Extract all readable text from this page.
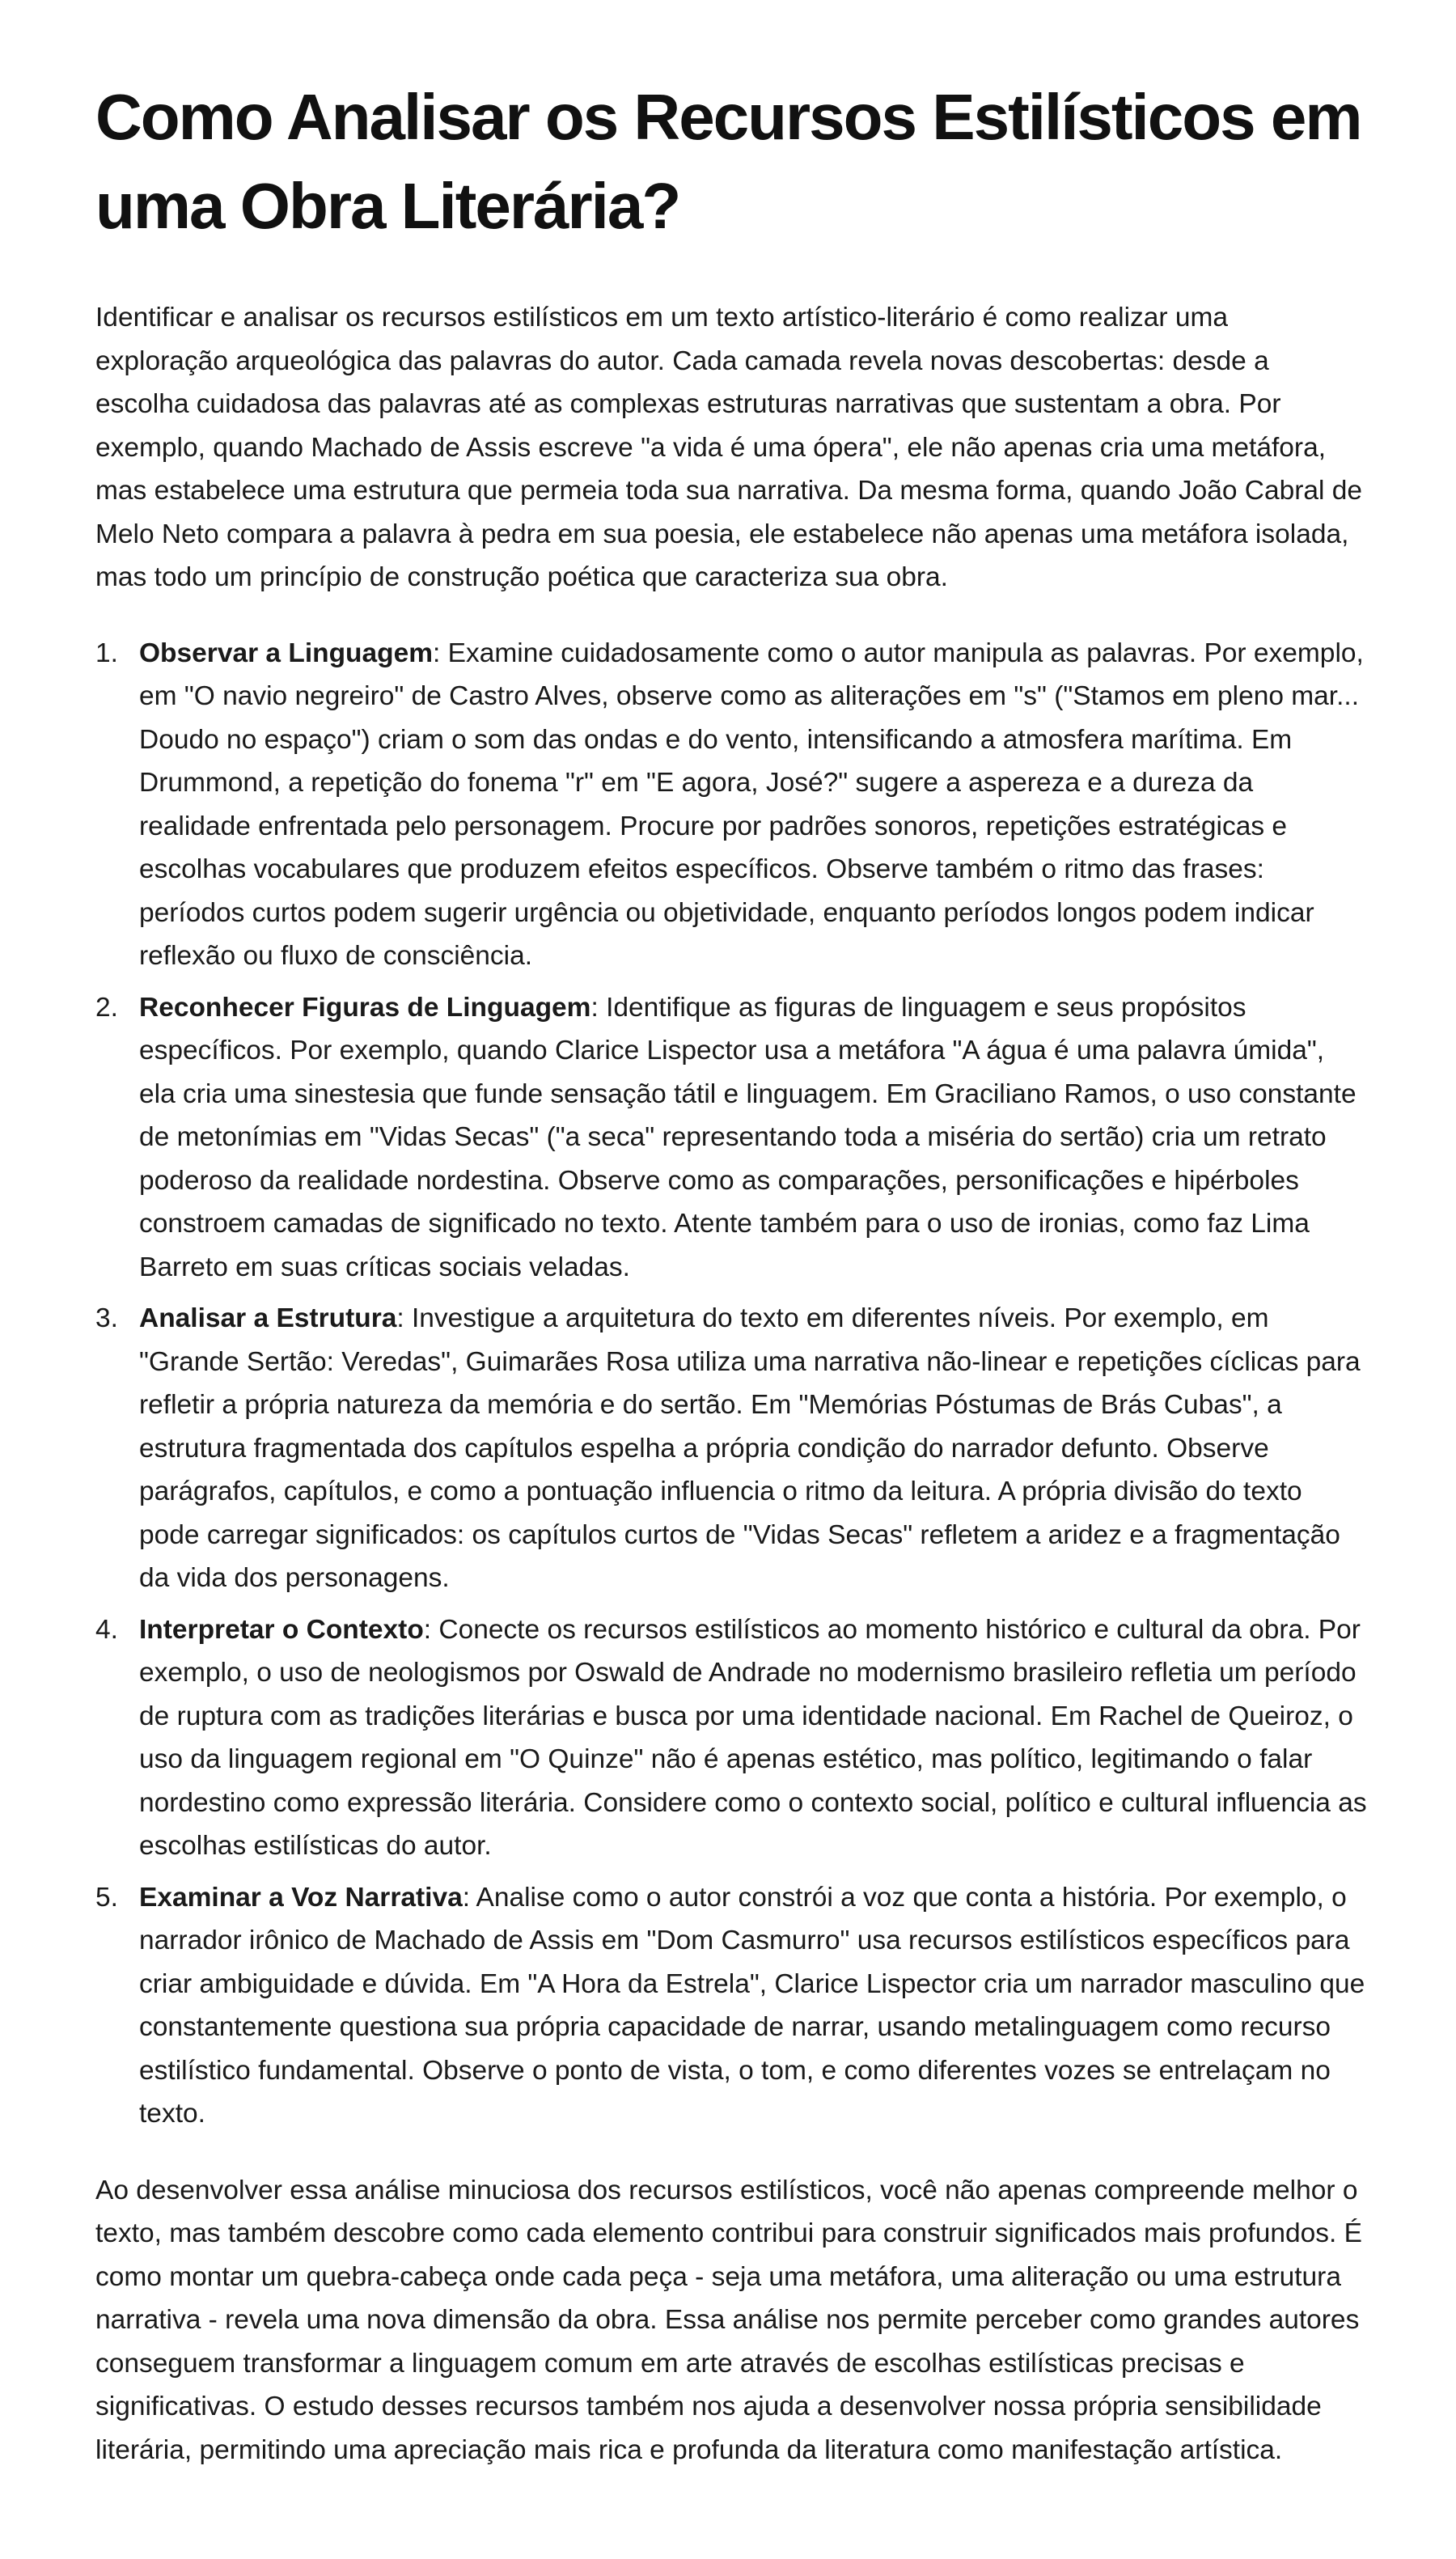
Como Analisar os Recursos Estilísticos em uma Obra Literária?

Identificar e analisar os recursos estilísticos em um texto artístico-literário é como realizar uma exploração arqueológica das palavras do autor. Cada camada revela novas descobertas: desde a escolha cuidadosa das palavras até as complexas estruturas narrativas que sustentam a obra. Por exemplo, quando Machado de Assis escreve "a vida é uma ópera", ele não apenas cria uma metáfora, mas estabelece uma estrutura que permeia toda sua narrativa. Da mesma forma, quando João Cabral de Melo Neto compara a palavra à pedra em sua poesia, ele estabelece não apenas uma metáfora isolada, mas todo um princípio de construção poética que caracteriza sua obra.

1. Observar a Linguagem: Examine cuidadosamente como o autor manipula as palavras. Por exemplo, em "O navio negreiro" de Castro Alves, observe como as aliterações em "s" ("Stamos em pleno mar... Doudo no espaço") criam o som das ondas e do vento, intensificando a atmosfera marítima. Em Drummond, a repetição do fonema "r" em "E agora, José?" sugere a aspereza e a dureza da realidade enfrentada pelo personagem. Procure por padrões sonoros, repetições estratégicas e escolhas vocabulares que produzem efeitos específicos. Observe também o ritmo das frases: períodos curtos podem sugerir urgência ou objetividade, enquanto períodos longos podem indicar reflexão ou fluxo de consciência.
2. Reconhecer Figuras de Linguagem: Identifique as figuras de linguagem e seus propósitos específicos. Por exemplo, quando Clarice Lispector usa a metáfora "A água é uma palavra úmida", ela cria uma sinestesia que funde sensação tátil e linguagem. Em Graciliano Ramos, o uso constante de metonímias em "Vidas Secas" ("a seca" representando toda a miséria do sertão) cria um retrato poderoso da realidade nordestina. Observe como as comparações, personificações e hipérboles constroem camadas de significado no texto. Atente também para o uso de ironias, como faz Lima Barreto em suas críticas sociais veladas.
3. Analisar a Estrutura: Investigue a arquitetura do texto em diferentes níveis. Por exemplo, em "Grande Sertão: Veredas", Guimarães Rosa utiliza uma narrativa não-linear e repetições cíclicas para refletir a própria natureza da memória e do sertão. Em "Memórias Póstumas de Brás Cubas", a estrutura fragmentada dos capítulos espelha a própria condição do narrador defunto. Observe parágrafos, capítulos, e como a pontuação influencia o ritmo da leitura. A própria divisão do texto pode carregar significados: os capítulos curtos de "Vidas Secas" refletem a aridez e a fragmentação da vida dos personagens.
4. Interpretar o Contexto: Conecte os recursos estilísticos ao momento histórico e cultural da obra. Por exemplo, o uso de neologismos por Oswald de Andrade no modernismo brasileiro refletia um período de ruptura com as tradições literárias e busca por uma identidade nacional. Em Rachel de Queiroz, o uso da linguagem regional em "O Quinze" não é apenas estético, mas político, legitimando o falar nordestino como expressão literária. Considere como o contexto social, político e cultural influencia as escolhas estilísticas do autor.
5. Examinar a Voz Narrativa: Analise como o autor constrói a voz que conta a história. Por exemplo, o narrador irônico de Machado de Assis em "Dom Casmurro" usa recursos estilísticos específicos para criar ambiguidade e dúvida. Em "A Hora da Estrela", Clarice Lispector cria um narrador masculino que constantemente questiona sua própria capacidade de narrar, usando metalinguagem como recurso estilístico fundamental. Observe o ponto de vista, o tom, e como diferentes vozes se entrelaçam no texto.

Ao desenvolver essa análise minuciosa dos recursos estilísticos, você não apenas compreende melhor o texto, mas também descobre como cada elemento contribui para construir significados mais profundos. É como montar um quebra-cabeça onde cada peça - seja uma metáfora, uma aliteração ou uma estrutura narrativa - revela uma nova dimensão da obra. Essa análise nos permite perceber como grandes autores conseguem transformar a linguagem comum em arte através de escolhas estilísticas precisas e significativas. O estudo desses recursos também nos ajuda a desenvolver nossa própria sensibilidade literária, permitindo uma apreciação mais rica e profunda da literatura como manifestação artística.
